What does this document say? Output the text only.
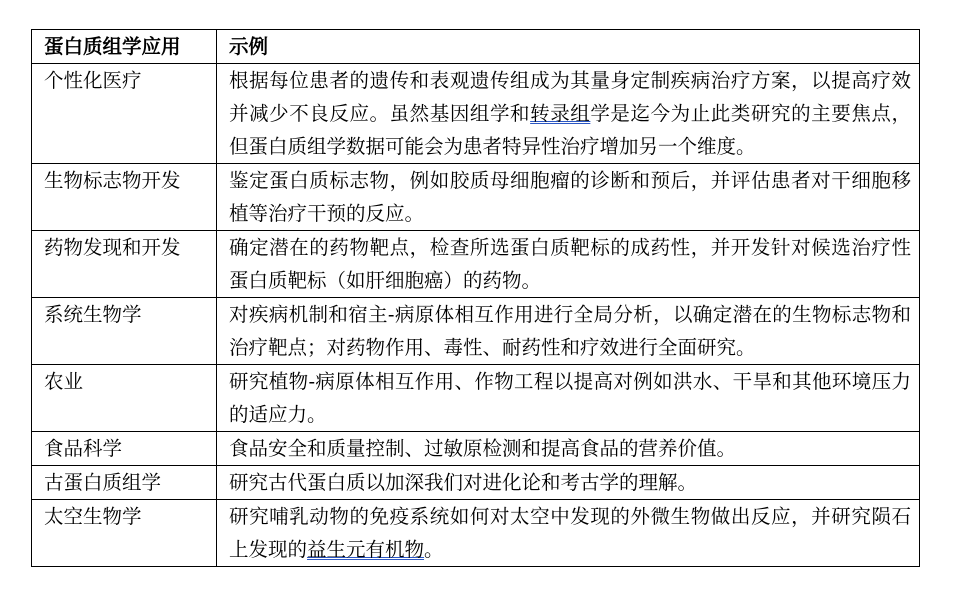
蛋白质组学应用	示例
个性化医疗	根据每位患者的遗传和表观遗传组成为其量身定制疾病治疗方案，以提高疗效并减少不良反应。虽然基因组学和转录组学是迄今为止此类研究的主要焦点，但蛋白质组学数据可能会为患者特异性治疗增加另一个维度。
生物标志物开发	鉴定蛋白质标志物，例如胶质母细胞瘤的诊断和预后，并评估患者对干细胞移植等治疗干预的反应。
药物发现和开发	确定潜在的药物靶点，检查所选蛋白质靶标的成药性，并开发针对候选治疗性蛋白质靶标（如肝细胞癌）的药物。
系统生物学	对疾病机制和宿主-病原体相互作用进行全局分析，以确定潜在的生物标志物和治疗靶点；对药物作用、毒性、耐药性和疗效进行全面研究。
农业	研究植物-病原体相互作用、作物工程以提高对例如洪水、干旱和其他环境压力的适应力。
食品科学	食品安全和质量控制、过敏原检测和提高食品的营养价值。
古蛋白质组学	研究古代蛋白质以加深我们对进化论和考古学的理解。
太空生物学	研究哺乳动物的免疫系统如何对太空中发现的外微生物做出反应，并研究陨石上发现的益生元有机物。
